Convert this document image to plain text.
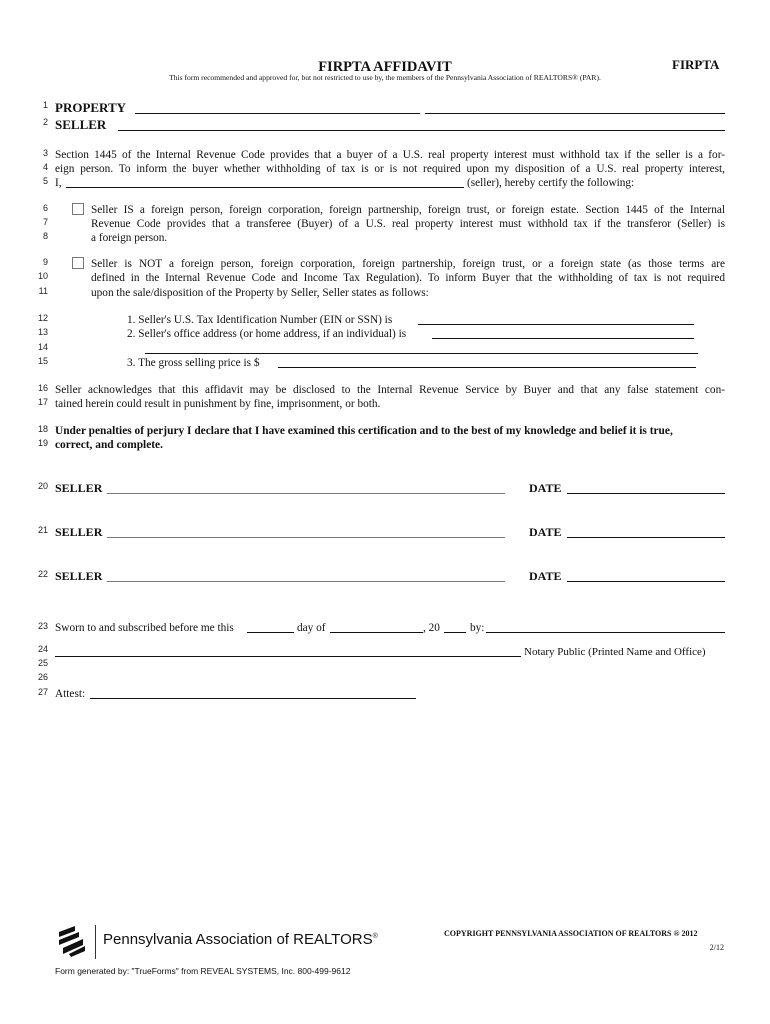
FIRPTA AFFIDAVIT	FIRPTA
This form recommended and approved for, but not restricted to use by, the members of the Pennsylvania Association of REALTORS® (PAR).
1
2
3
4
5
6
7
8
9
10
11
12
13
14
15
16
17
18
19
20
21
22
23
24
25
26
27
PROPERTY
SELLER
Section 1445 of the Internal Revenue Code provides that a buyer of a U.S. real property interest must withhold tax if the seller is a for-
eign person. To inform the buyer whether withholding of tax is or is not required upon my disposition of a U.S. real property interest,
I,	(seller), hereby certify the following:
Seller IS a foreign person, foreign corporation, foreign partnership, foreign trust, or foreign estate. Section 1445 of the Internal
Revenue Code provides that a transferee (Buyer) of a U.S. real property interest must withhold tax if the transferor (Seller) is
a foreign person.
Seller is NOT a foreign person, foreign corporation, foreign partnership, foreign trust, or a foreign state (as those terms are
defined in the Internal Revenue Code and Income Tax Regulation). To inform Buyer that the withholding of tax is not required
upon the sale/disposition of the Property by Seller, Seller states as follows:
1. Seller's U.S. Tax Identification Number (EIN or SSN) is
2. Seller's office address (or home address, if an individual) is
3. The gross selling price is $
Seller acknowledges that this affidavit may be disclosed to the Internal Revenue Service by Buyer and that any false statement con-
tained herein could result in punishment by fine, imprisonment, or both.
Under penalties of perjury I declare that I have examined this certification and to the best of my knowledge and belief it is true,
correct, and complete.
SELLER	DATE
SELLER	DATE
SELLER	DATE
Sworn to and subscribed before me this	day of	, 20	by:
Notary Public (Printed Name and Office)
Attest:
Pennsylvania Association of REALTORS®	COPYRIGHT PENNSYLVANIA ASSOCIATION OF REALTORS ® 2012
2/12
Form generated by: "TrueForms" from REVEAL SYSTEMS, Inc. 800-499-9612
